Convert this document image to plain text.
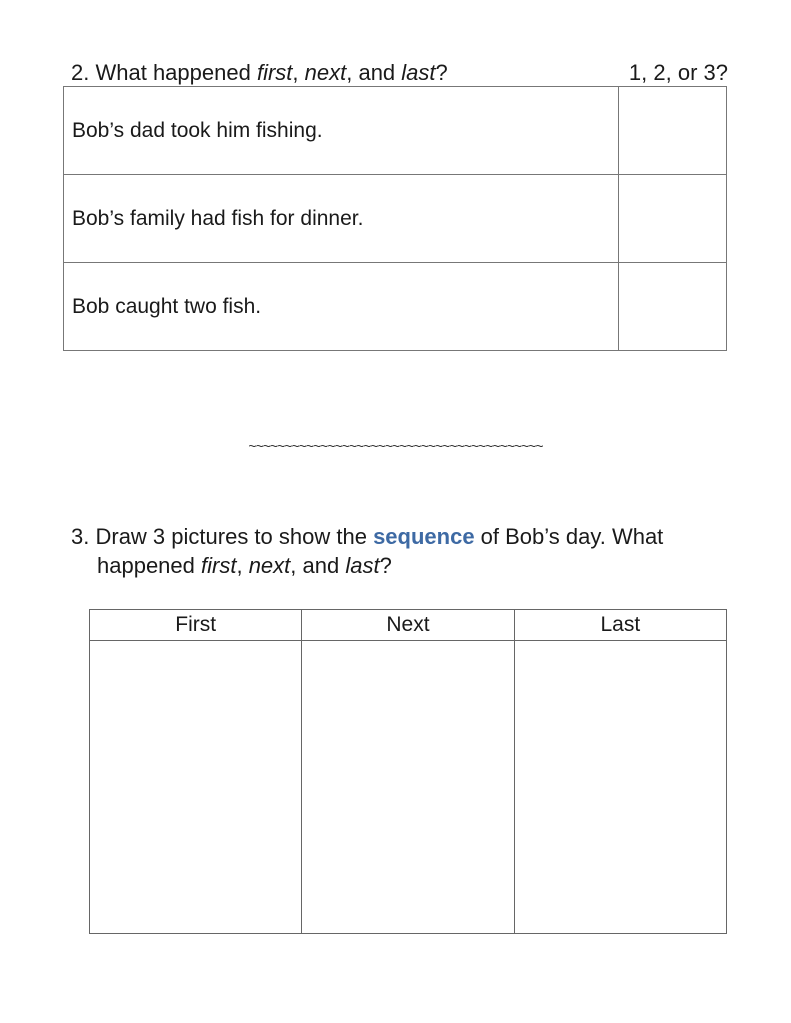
2. What happened first, next, and last?	1, 2, or 3?
Bob’s dad took him fishing.	
Bob’s family had fish for dinner.	
Bob caught two fish.	
~~~~~~~~~~~~~~~~~~~~~~~~~~~~~~~~~~~~~~~~~
3. Draw 3 pictures to show the sequence of Bob’s day. What happened first, next, and last?
First	Next	Last
